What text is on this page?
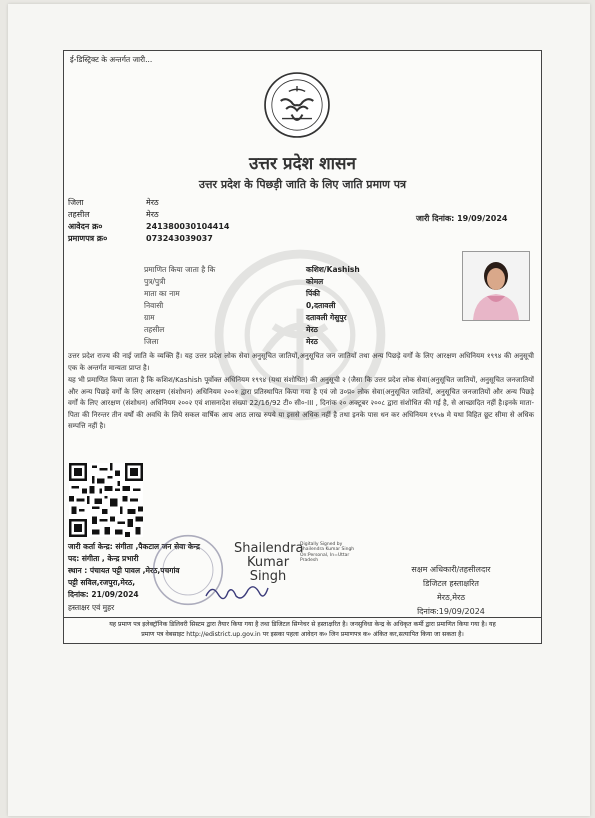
ई-डिस्ट्रिक्ट के अन्तर्गत जारी...
उत्तर प्रदेश शासन
उत्तर प्रदेश के पिछड़ी जाति के लिए जाति प्रमाण पत्र
जिला	मेरठ
तहसील	मेरठ
आवेदन क्र०	241380030104414
प्रमाणपत्र क्र०	073243039037
जारी दिनांक: 19/09/2024
प्रमाणित किया जाता है कि	कशिश/Kashish
पुत्र/पुत्री	कोमल
माता का नाम	पिंकी
निवासी	0,दतावली
ग्राम	दतावली गेसुपुर
तहसील	मेरठ
जिला	मेरठ
उत्तर प्रदेश राज्य की नाई जाति के व्यक्ति हैं। यह उत्तर प्रदेश लोक सेवा अनुसूचित जातियों,अनुसूचित जन जातियों तथा अन्य पिछड़े वर्गों के लिए आरक्षण अधिनियम १९९४ की अनुसूची एक के अन्तर्गत मान्यता प्राप्त है।
यह भी प्रमाणित किया जाता है कि कशिश/Kashish पूर्वोक्त अधिनियम १९९४ (यथा संशोधित) की अनुसूची २ (जैसा कि उत्तर प्रदेश लोक सेवा(अनुसूचित जातियों, अनुसूचित जनजातियों और अन्य पिछड़े वर्गों के लिए आरक्षण (संशोधन) अधिनियम २००१ द्वारा प्रतिस्थापित किया गया है एवं जो उ०प्र० लोक सेवा(अनुसूचित जातियों, अनुसूचित जनजातियों और अन्य पिछड़े वर्गों के लिए आरक्षण (संशोधन) अधिनियम २००२ एवं शासनादेश संख्या 22/16/92 टी० सी०-III , दिनांक २० अक्टूबर २००८ द्वारा संशोधित की गई है, से आच्छादित नहीं है।इनके माता-पिता की निरन्तर तीन वर्षों की अवधि के लिये सकल वार्षिक आय आठ लाख रुपये या इससे अधिक नहीं है तथा इनके पास धन कर अधिनियम १९५७ मे यथा विहित छूट सीमा से अधिक सम्पत्ति नहीं है।
जारी कर्ता केन्द्र: संगीता ,पैकटाल जन सेवा केन्द्र
पद: संगीता , केन्द्र प्रभारी
स्थान : पंचायत पट्टी पावल ,मेरठ,पचगांव
पट्टी सविल,रजपुरा,मेरठ,
दिनांक: 21/09/2024
हस्ताक्षर एवं मुहर
Shailendra
Kumar
Singh
Digitally Signed by Shailendra Kumar Singh On:Personal, In=Uttar Pradesh
सक्षम अधिकारी/तहसीलदार
डिजिटल हस्ताक्षरित
मेरठ,मेरठ
दिनांक:19/09/2024
यह प्रमाण पत्र इलेक्ट्रॉनिक डिलिवरी सिस्टम द्वारा तैयार किया गया है तथा डिजिटल सिग्नेचर से हस्ताक्षरित है। जनसुविधा केन्द्र के अधिकृत कर्मी द्वारा प्रमाणित किया गया है। यह
प्रमाण पत्र वेबसाइट http://edistrict.up.gov.in पर इसका पहला आवेदन क० जिन प्रमाणपत्र क० अंकित कर,सत्यापित किया जा सकता है।
